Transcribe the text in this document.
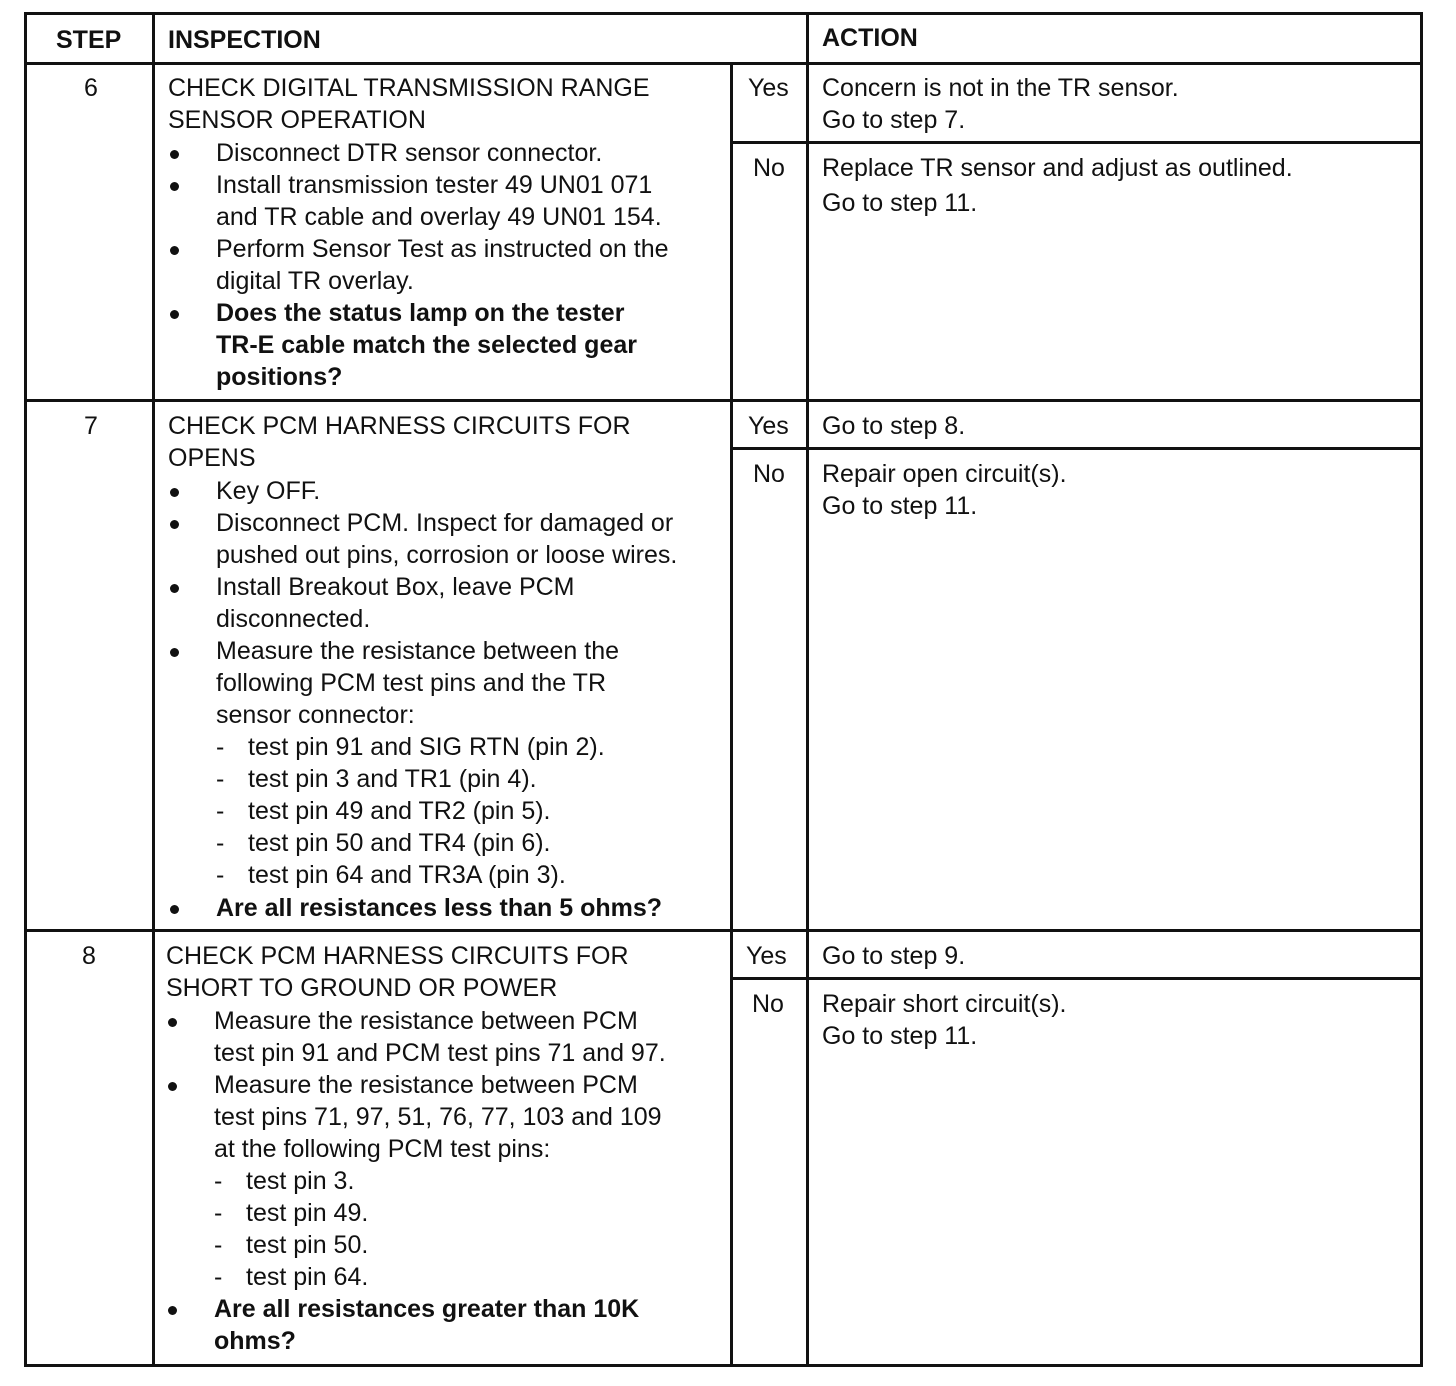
STEP INSPECTION	ACTION
6	CHECK DIGITAL TRANSMISSION RANGE
SENSOR OPERATION
Disconnect DTR sensor connector.
Install transmission tester 49 UN01 071
and TR cable and overlay 49 UN01 154.
Perform Sensor Test as instructed on the
digital TR overlay.
Does the status lamp on the tester
TR-E cable match the selected gear
positions?
Yes Concern is not in the TR sensor.
Go to step 7.
No Replace TR sensor and adjust as outlined.
Go to step 11.
7	CHECK PCM HARNESS CIRCUITS FOR
OPENS
Key OFF.
Disconnect PCM. Inspect for damaged or
pushed out pins, corrosion or loose wires.
Install Breakout Box, leave PCM
disconnected.
Measure the resistance between the
following PCM test pins and the TR
sensor connector:
- test pin 91 and SIG RTN (pin 2).
- test pin 3 and TR1 (pin 4).
- test pin 49 and TR2 (pin 5).
- test pin 50 and TR4 (pin 6).
- test pin 64 and TR3A (pin 3).
Are all resistances less than 5 ohms?
Yes Go to step 8.
No Repair open circuit(s).
Go to step 11.
8	CHECK PCM HARNESS CIRCUITS FOR
SHORT TO GROUND OR POWER
Measure the resistance between PCM
test pin 91 and PCM test pins 71 and 97.
Measure the resistance between PCM
test pins 71, 97, 51, 76, 77, 103 and 109
at the following PCM test pins:
- test pin 3.
- test pin 49.
- test pin 50.
- test pin 64.
Are all resistances greater than 10K
ohms?
Yes Go to step 9.
No Repair short circuit(s).
Go to step 11.
